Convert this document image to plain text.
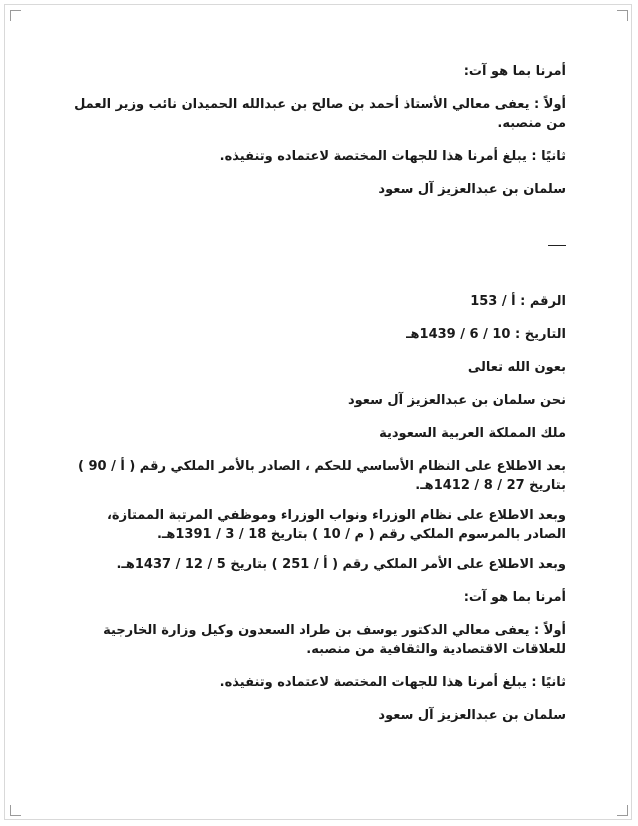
أمرنا بما هو آت:

أولاً : يعفى معالي الأستاذ أحمد بن صالح بن عبدالله الحميدان نائب وزير العمل من منصبه.

ثانيًا : يبلغ أمرنا هذا للجهات المختصة لاعتماده وتنفيذه.

سلمان بن عبدالعزيز آل سعود

الرقم : أ / 153

التاريخ : 10 / 6 / 1439هـ

بعون الله تعالى

نحن سلمان بن عبدالعزيز آل سعود

ملك المملكة العربية السعودية

بعد الاطلاع على النظام الأساسي للحكم ، الصادر بالأمر الملكي رقم ( أ / 90 ) بتاريخ 27 / 8 / 1412هـ.

وبعد الاطلاع على نظام الوزراء ونواب الوزراء وموظفي المرتبة الممتازة، الصادر بالمرسوم الملكي رقم ( م / 10 ) بتاريخ 18 / 3 / 1391هـ.

وبعد الاطلاع على الأمر الملكي رقم ( أ / 251 ) بتاريخ 5 / 12 / 1437هـ.

أمرنا بما هو آت:

أولاً : يعفى معالي الدكتور يوسف بن طراد السعدون وكيل وزارة الخارجية للعلاقات الاقتصادية والثقافية من منصبه.

ثانيًا : يبلغ أمرنا هذا للجهات المختصة لاعتماده وتنفيذه.

سلمان بن عبدالعزيز آل سعود
